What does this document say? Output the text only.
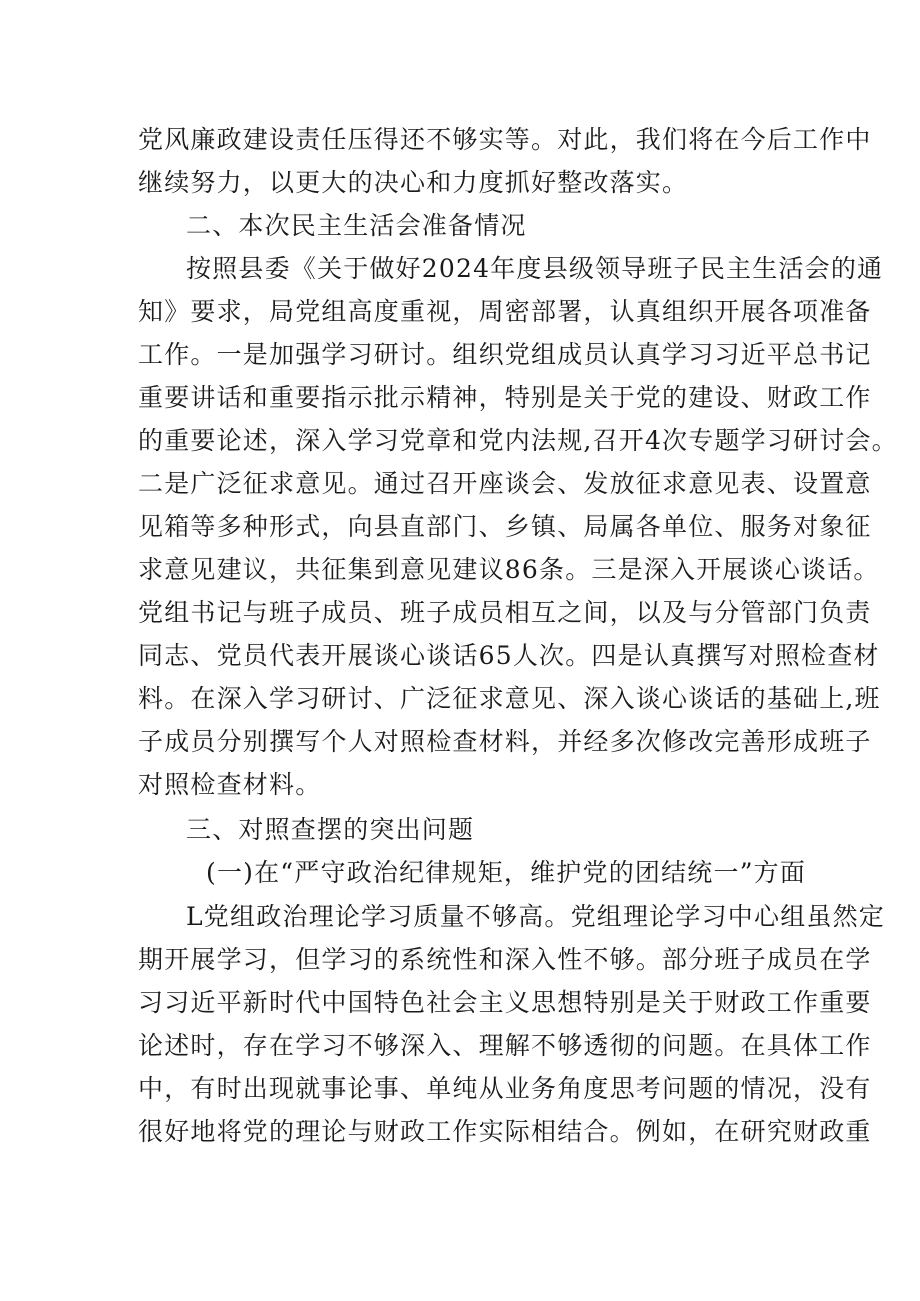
党风廉政建设责任压得还不够实等。对此，我们将在今后工作中
继续努力，以更大的决心和力度抓好整改落实。
二、本次民主生活会准备情况
按照县委《关于做好2024年度县级领导班子民主生活会的通
知》要求，局党组高度重视，周密部署，认真组织开展各项准备
工作。一是加强学习研讨。组织党组成员认真学习习近平总书记
重要讲话和重要指示批示精神，特别是关于党的建设、财政工作
的重要论述，深入学习党章和党内法规,召开4次专题学习研讨会。
二是广泛征求意见。通过召开座谈会、发放征求意见表、设置意
见箱等多种形式，向县直部门、乡镇、局属各单位、服务对象征
求意见建议，共征集到意见建议86条。三是深入开展谈心谈话。
党组书记与班子成员、班子成员相互之间，以及与分管部门负责
同志、党员代表开展谈心谈话65人次。四是认真撰写对照检查材
料。在深入学习研讨、广泛征求意见、深入谈心谈话的基础上,班
子成员分别撰写个人对照检查材料，并经多次修改完善形成班子
对照检查材料。
三、对照查摆的突出问题
(一)在“严守政治纪律规矩，维护党的团结统一”方面
L党组政治理论学习质量不够高。党组理论学习中心组虽然定
期开展学习，但学习的系统性和深入性不够。部分班子成员在学
习习近平新时代中国特色社会主义思想特别是关于财政工作重要
论述时，存在学习不够深入、理解不够透彻的问题。在具体工作
中，有时出现就事论事、单纯从业务角度思考问题的情况，没有
很好地将党的理论与财政工作实际相结合。例如，在研究财政重
